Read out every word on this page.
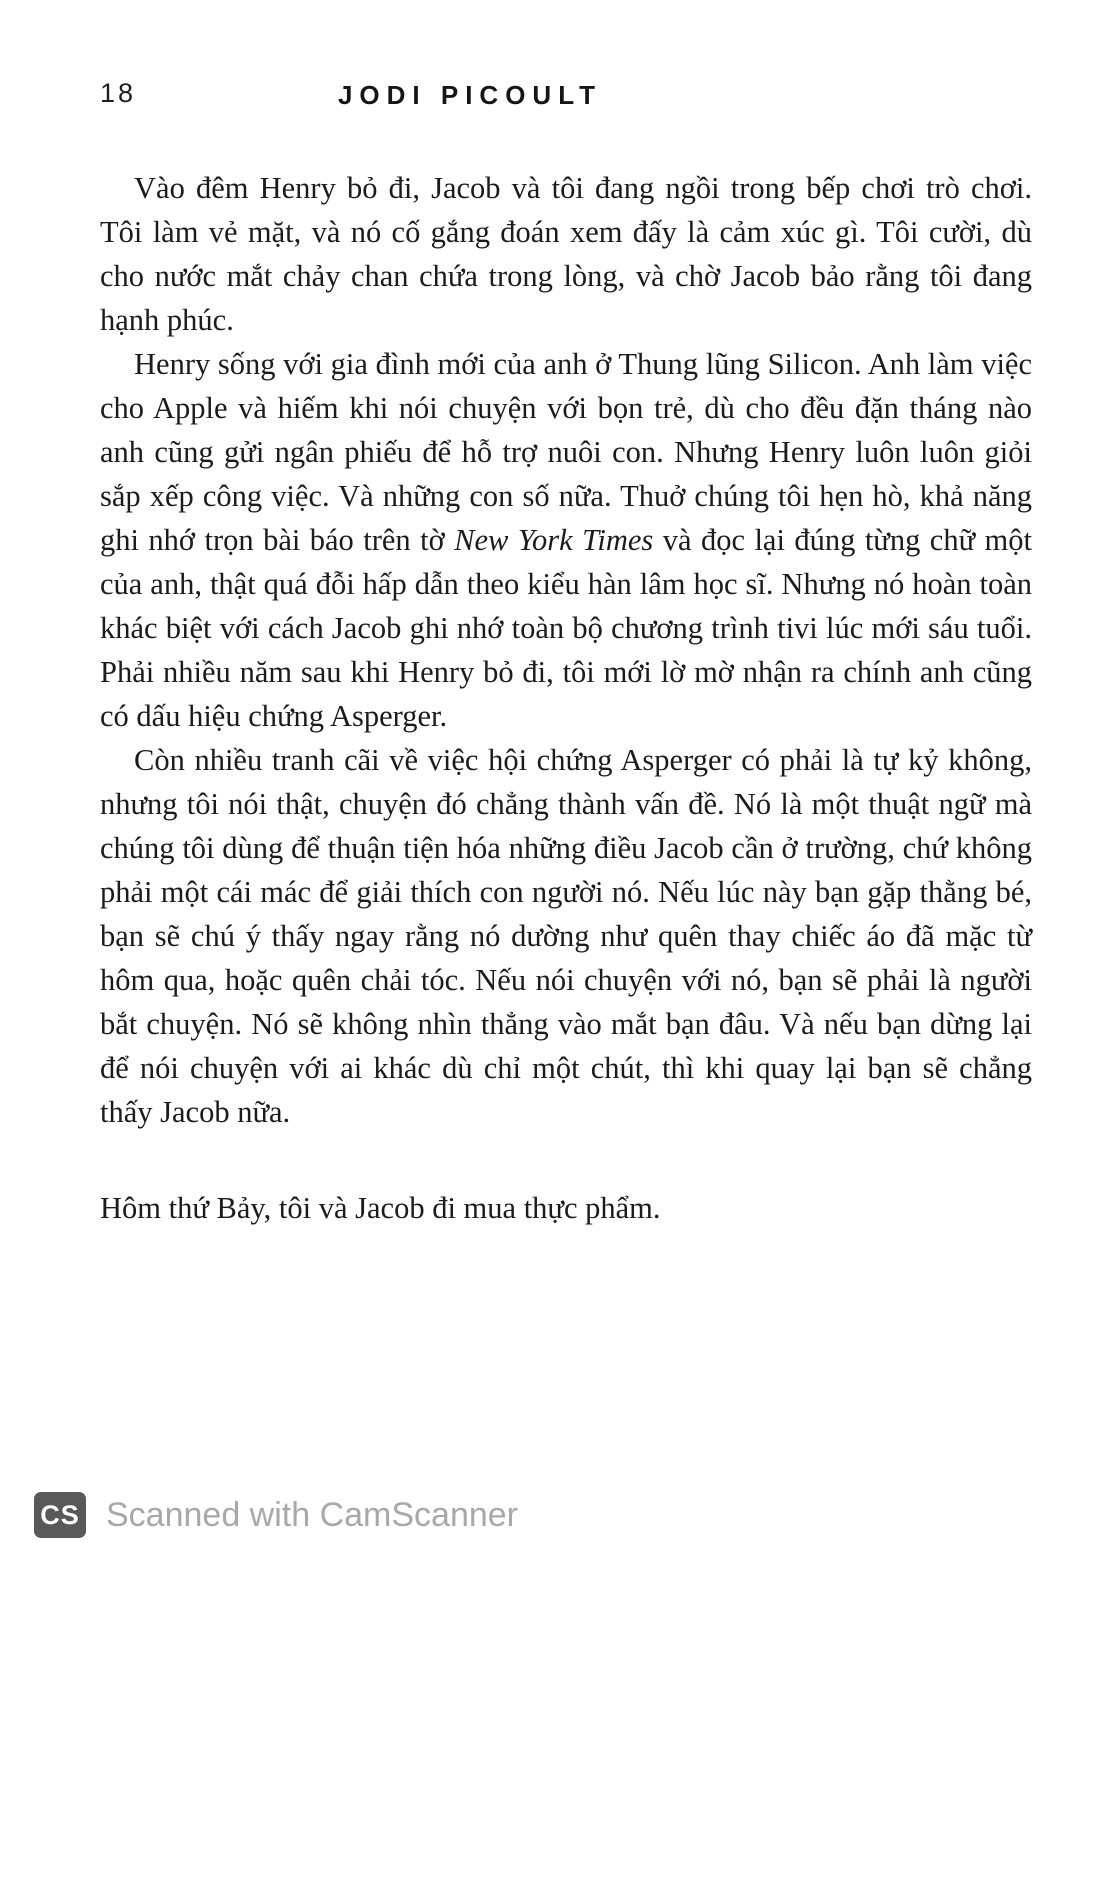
18	JODI PICOULT

Vào đêm Henry bỏ đi, Jacob và tôi đang ngồi trong bếp chơi trò chơi. Tôi làm vẻ mặt, và nó cố gắng đoán xem đấy là cảm xúc gì. Tôi cười, dù cho nước mắt chảy chan chứa trong lòng, và chờ Jacob bảo rằng tôi đang hạnh phúc.

Henry sống với gia đình mới của anh ở Thung lũng Silicon. Anh làm việc cho Apple và hiếm khi nói chuyện với bọn trẻ, dù cho đều đặn tháng nào anh cũng gửi ngân phiếu để hỗ trợ nuôi con. Nhưng Henry luôn luôn giỏi sắp xếp công việc. Và những con số nữa. Thuở chúng tôi hẹn hò, khả năng ghi nhớ trọn bài báo trên tờ New York Times và đọc lại đúng từng chữ một của anh, thật quá đỗi hấp dẫn theo kiểu hàn lâm học sĩ. Nhưng nó hoàn toàn khác biệt với cách Jacob ghi nhớ toàn bộ chương trình tivi lúc mới sáu tuổi. Phải nhiều năm sau khi Henry bỏ đi, tôi mới lờ mờ nhận ra chính anh cũng có dấu hiệu chứng Asperger.

Còn nhiều tranh cãi về việc hội chứng Asperger có phải là tự kỷ không, nhưng tôi nói thật, chuyện đó chẳng thành vấn đề. Nó là một thuật ngữ mà chúng tôi dùng để thuận tiện hóa những điều Jacob cần ở trường, chứ không phải một cái mác để giải thích con người nó. Nếu lúc này bạn gặp thằng bé, bạn sẽ chú ý thấy ngay rằng nó dường như quên thay chiếc áo đã mặc từ hôm qua, hoặc quên chải tóc. Nếu nói chuyện với nó, bạn sẽ phải là người bắt chuyện. Nó sẽ không nhìn thẳng vào mắt bạn đâu. Và nếu bạn dừng lại để nói chuyện với ai khác dù chỉ một chút, thì khi quay lại bạn sẽ chẳng thấy Jacob nữa.

Hôm thứ Bảy, tôi và Jacob đi mua thực phẩm.

CS Scanned with CamScanner
